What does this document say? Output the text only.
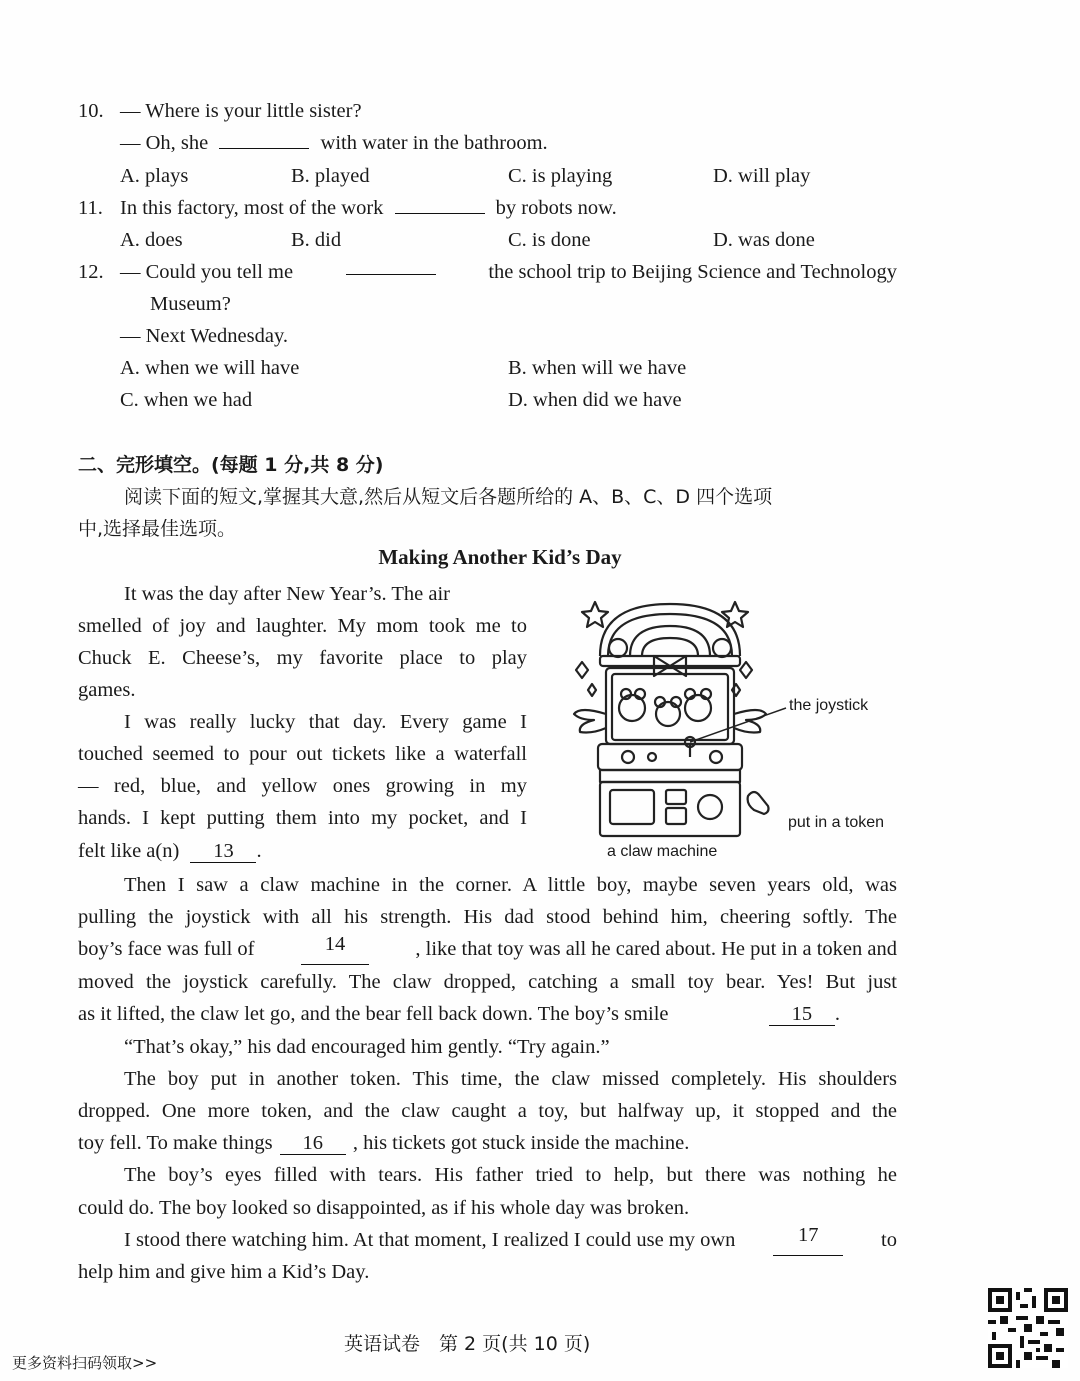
10. — Where is your little sister?
— Oh, she	with water in the bathroom.
A. plays	B. played	C. is playing	D. will play
11. In this factory, most of the work	by robots now.
A. does	B. did	C. is done	D. was done
12. — Could you tell me	the school trip to Beijing Science and Technology
Museum?
— Next Wednesday.
A. when we will have	B. when will we have
C. when we had	D. when did we have
二、完形填空。(每题 1 分,共 8 分)
阅读下面的短文,掌握其大意,然后从短文后各题所给的 A、B、C、D 四个选项
中,选择最佳选项。
Making Another Kid’s Day
It was the day after New Year’s. The air
smelled of joy and laughter. My mom took me to
Chuck E. Cheese’s, my favorite place to play
games.
I was really lucky that day. Every game I
touched seemed to pour out tickets like a waterfall
— red, blue, and yellow ones growing in my
hands. I kept putting them into my pocket, and I
felt like a(n) 13 .
the joystick
put in a token
a claw machine
Then I saw a claw machine in the corner. A little boy, maybe seven years old, was
pulling the joystick with all his strength. His dad stood behind him, cheering softly. The
boy’s face was full of	14	, like that toy was all he cared about. He put in a token and
moved the joystick carefully. The claw dropped, catching a small toy bear. Yes! But just
as it lifted, the claw let go, and the bear fell back down. The boy’s smile	15 .
“That’s okay,” his dad encouraged him gently. “Try again.”
The boy put in another token. This time, the claw missed completely. His shoulders
dropped. One more token, and the claw caught a toy, but halfway up, it stopped and the
toy fell. To make things 16 , his tickets got stuck inside the machine.
The boy’s eyes filled with tears. His father tried to help, but there was nothing he
could do. The boy looked so disappointed, as if his whole day was broken.
I stood there watching him. At that moment, I realized I could use my own	17	to
help him and give him a Kid’s Day.
英语试卷　第 2 页(共 10 页)
更多资料扫码领取>>
